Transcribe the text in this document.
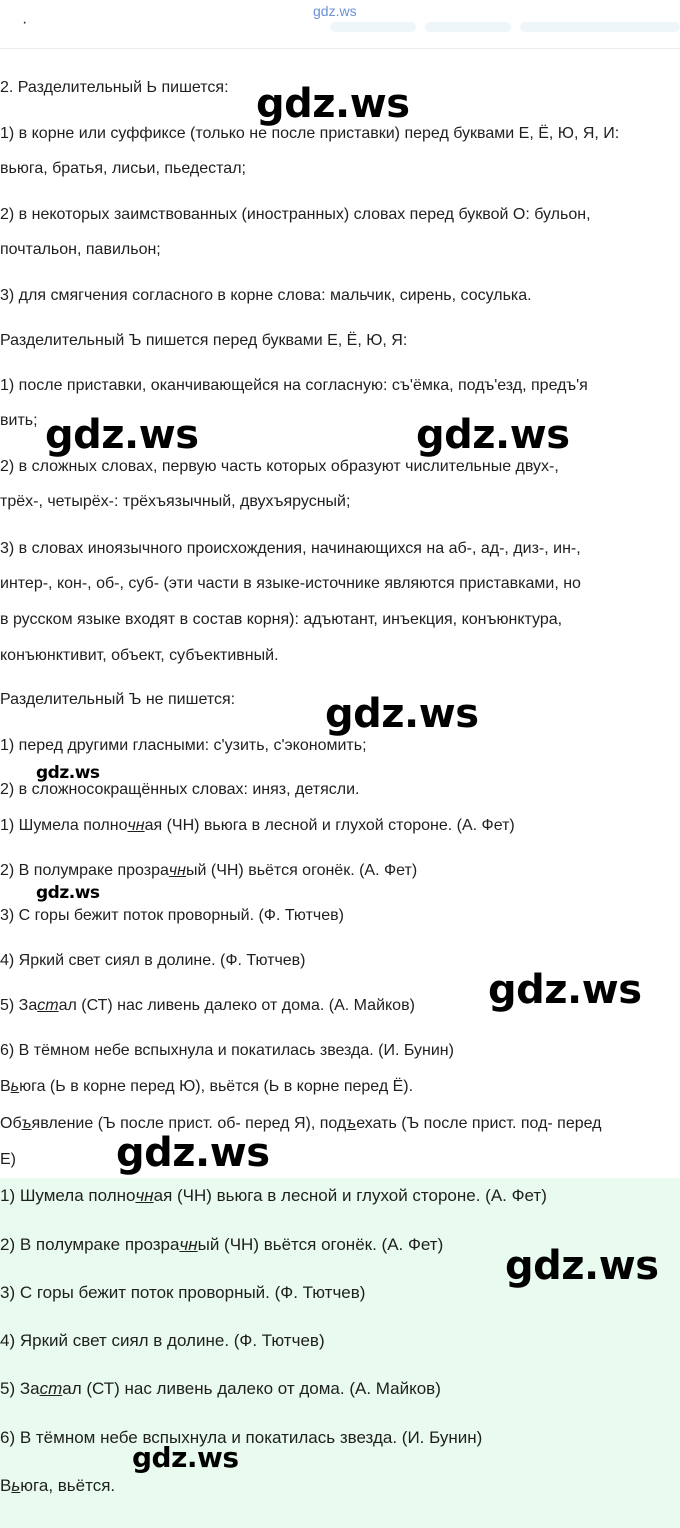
·
gdz.ws

2. Разделительный Ь пишется:

1) в корне или суффиксе (только не после приставки) перед буквами Е, Ё, Ю, Я, И:

вьюга, братья, лисьи, пьедестал;

2) в некоторых заимствованных (иностранных) словах перед буквой О: бульон,

почтальон, павильон;

3) для смягчения согласного в корне слова: мальчик, сирень, сосулька.

Разделительный Ъ пишется перед буквами Е, Ё, Ю, Я:

1) после приставки, оканчивающейся на согласную: съ'ёмка, подъ'езд, предъ'я

вить;

2) в сложных словах, первую часть которых образуют числительные двух-,

трёх-, четырёх-: трёхъязычный, двухъярусный;

3) в словах иноязычного происхождения, начинающихся на аб-, ад-, диз-, ин-,

интер-, кон-, об-, суб- (эти части в языке-источнике являются приставками, но

в русском языке входят в состав корня): адъютант, инъекция, конъюнктура,

конъюнктивит, объект, субъективный.

Разделительный Ъ не пишется:

1) перед другими гласными: с'узить, с'экономить;

2) в сложносокращённых словах: иняз, детясли.

1) Шумела полночная (ЧН) вьюга в лесной и глухой стороне. (А. Фет)

2) В полумраке прозрачный (ЧН) вьётся огонёк. (А. Фет)

3) С горы бежит поток проворный. (Ф. Тютчев)

4) Яркий свет сиял в долине. (Ф. Тютчев)

5) Застал (СТ) нас ливень далеко от дома. (А. Майков)

6) В тёмном небе вспыхнула и покатилась звезда. (И. Бунин)

Вьюга (Ь в корне перед Ю), вьётся (Ь в корне перед Ё).

Объявление (Ъ после прист. об- перед Я), подъехать (Ъ после прист. под- перед

Е)

1) Шумела полночная (ЧН) вьюга в лесной и глухой стороне. (А. Фет)

2) В полумраке прозрачный (ЧН) вьётся огонёк. (А. Фет)

3) С горы бежит поток проворный. (Ф. Тютчев)

4) Яркий свет сиял в долине. (Ф. Тютчев)

5) Застал (СТ) нас ливень далеко от дома. (А. Майков)

6) В тёмном небе вспыхнула и покатилась звезда. (И. Бунин)

Вьюга, вьётся.

gdz.ws
gdz.ws	gdz.ws
gdz.ws
gdz.ws
gdz.ws
gdz.ws
gdz.ws
gdz.ws
gdz.ws
